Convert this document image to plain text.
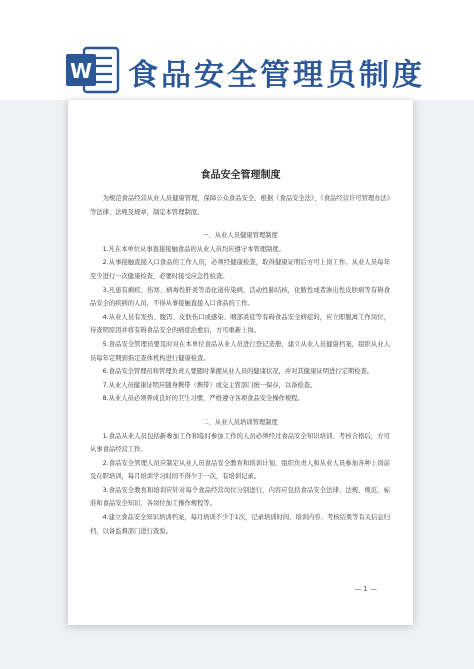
W 食品安全管理员制度
食品安全管理制度

为规范食品经营从业人员健康管理，保障公众食品安全，根据《食品安全法》、《食品经营许可管理办法》等法律、法规及规章，制定本管理制度。

一、从业人员健康管理制度

1.凡在本单位从事直接接触食品的从业人员均应遵守本管理制度。

2.从事接触直接入口食品的工作人员，必须经健康检查，取得健康证明后方可上岗工作。从业人员每年至少进行一次健康检查，必要时接受应急性检查。

3.凡患有痢疾、伤寒、病毒性肝炎等消化道传染病，活动性肺结核，化脓性或者渗出性皮肤病等有碍食品安全的疾病的人员，不得从事接触直接入口食品的工作。

4.从业人员有发热、腹泻、皮肤伤口或感染、咽部炎症等有碍食品安全病症的，应立即脱离工作岗位，待查明原因并将有碍食品安全的病症治愈后，方可重新上岗。

5.食品安全管理员要及时对在本单位食品从业人员进行登记造册，建立从业人员健康档案，组织从业人员每年定期到指定查体机构进行健康检查。

6.食品安全管理员和管理负责人要随时掌握从业人员的健康状况，并对其健康证明进行定期检查。

7.从业人员健康证明应随身携带（携带）或交主管部门统一保存，以备检查。

8.从业人员必须养成良好的卫生习惯，严格遵守各项食品安全操作规程。

二、从业人员培训管理制度

1.食品从业人员包括新参加工作和临时参加工作的人员必须经过食品安全知识培训、考核合格后，方可从事食品经营工作。

2.食品安全管理人员应制定从业人员食品安全教育和培训计划，组织负责人和从业人员参加各种上岗前及在职培训，每月培训学习时间不得少于一次，有培训记录。

3.食品安全教育和培训应针对每个食品经营岗位分别进行，内容应包括食品安全法律、法规、规范、标准和食品安全知识、各岗位加工操作规程等。

4.建立食品安全知识培训档案，每月培训不少于1次，记录培训时间、培训内容、考核结果等有关信息归档，以备监督部门进行查验。

— 1 —
